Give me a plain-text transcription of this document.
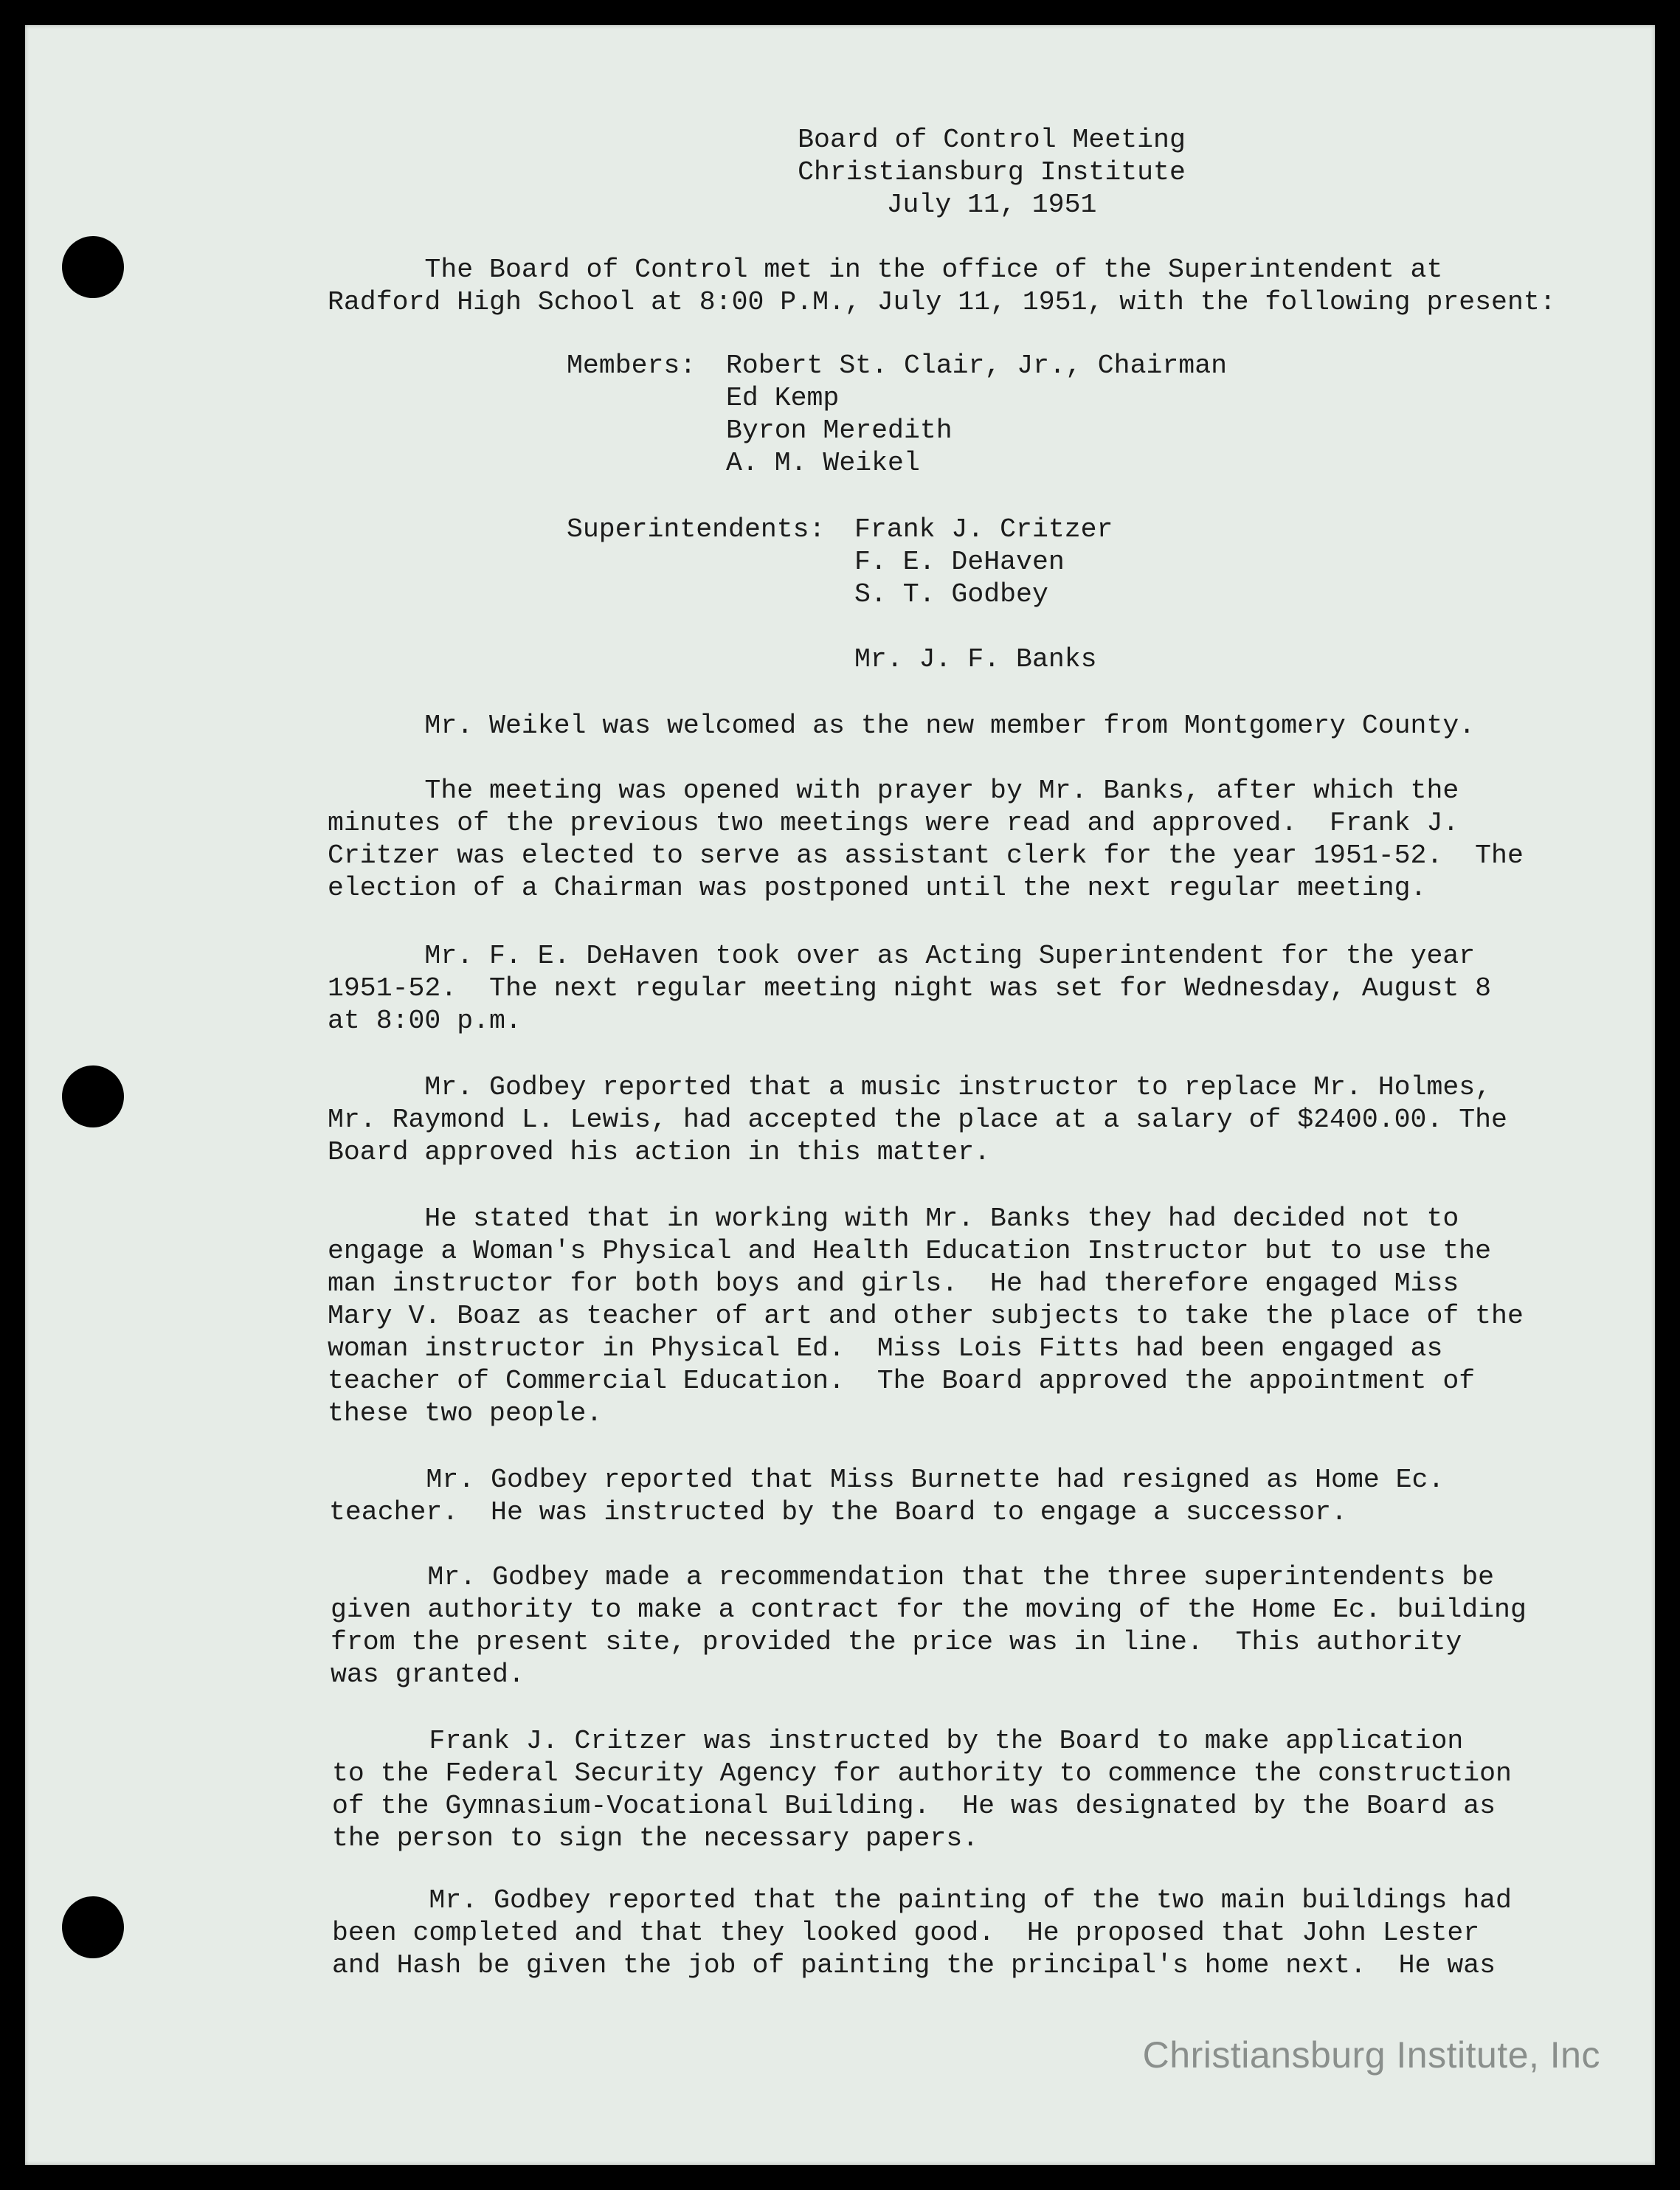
Board of Control Meeting
Christiansburg Institute
July 11, 1951
The Board of Control met in the office of the Superintendent at
Radford High School at 8:00 P.M., July 11, 1951, with the following present:
Members: Robert St. Clair, Jr., Chairman
Ed Kemp
Byron Meredith
A. M. Weikel
Superintendents: Frank J. Critzer
F. E. DeHaven
S. T. Godbey
Mr. J. F. Banks
Mr. Weikel was welcomed as the new member from Montgomery County.
The meeting was opened with prayer by Mr. Banks, after which the
minutes of the previous two meetings were read and approved.  Frank J.
Critzer was elected to serve as assistant clerk for the year 1951-52.  The
election of a Chairman was postponed until the next regular meeting.
Mr. F. E. DeHaven took over as Acting Superintendent for the year
1951-52.  The next regular meeting night was set for Wednesday, August 8
at 8:00 p.m.
Mr. Godbey reported that a music instructor to replace Mr. Holmes,
Mr. Raymond L. Lewis, had accepted the place at a salary of $2400.00. The
Board approved his action in this matter.
He stated that in working with Mr. Banks they had decided not to
engage a Woman's Physical and Health Education Instructor but to use the
man instructor for both boys and girls.  He had therefore engaged Miss
Mary V. Boaz as teacher of art and other subjects to take the place of the
woman instructor in Physical Ed.  Miss Lois Fitts had been engaged as
teacher of Commercial Education.  The Board approved the appointment of
these two people.
Mr. Godbey reported that Miss Burnette had resigned as Home Ec.
teacher.  He was instructed by the Board to engage a successor.
Mr. Godbey made a recommendation that the three superintendents be
given authority to make a contract for the moving of the Home Ec. building
from the present site, provided the price was in line.  This authority
was granted.
Frank J. Critzer was instructed by the Board to make application
to the Federal Security Agency for authority to commence the construction
of the Gymnasium-Vocational Building.  He was designated by the Board as
the person to sign the necessary papers.
Mr. Godbey reported that the painting of the two main buildings had
been completed and that they looked good.  He proposed that John Lester
and Hash be given the job of painting the principal's home next.  He was
Christiansburg Institute, Inc
